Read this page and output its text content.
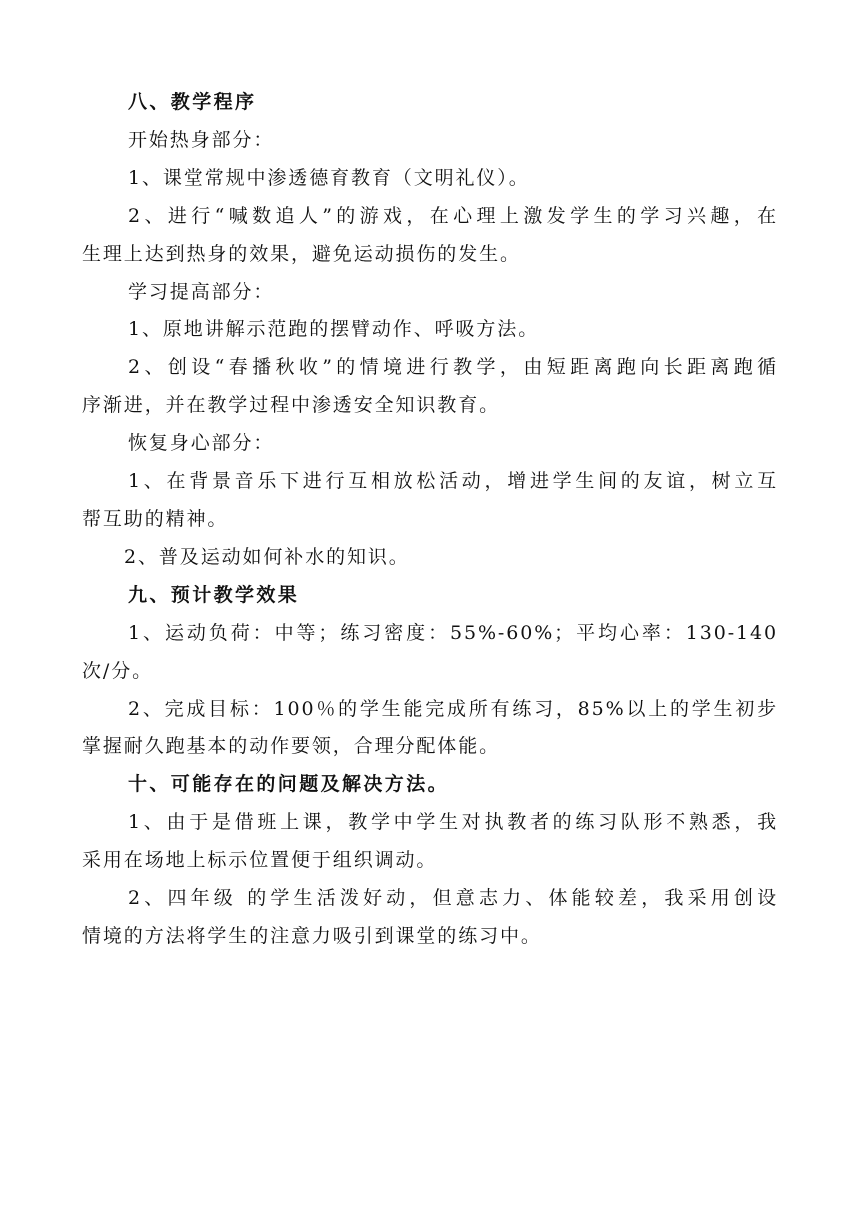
八、教学程序
开始热身部分：
1、课堂常规中渗透德育教育（文明礼仪）。
2、进行“喊数追人”的游戏，在心理上激发学生的学习兴趣，在
生理上达到热身的效果，避免运动损伤的发生。
学习提高部分：
1、原地讲解示范跑的摆臂动作、呼吸方法。
2、创设“春播秋收”的情境进行教学，由短距离跑向长距离跑循
序渐进，并在教学过程中渗透安全知识教育。
恢复身心部分：
1、在背景音乐下进行互相放松活动，增进学生间的友谊，树立互
帮互助的精神。
2、普及运动如何补水的知识。
九、预计教学效果
1、运动负荷：中等；练习密度：55%-60%；平均心率：130-140
次/分。
2、完成目标：100％的学生能完成所有练习，85%以上的学生初步
掌握耐久跑基本的动作要领，合理分配体能。
十、可能存在的问题及解决方法。
1、由于是借班上课，教学中学生对执教者的练习队形不熟悉，我
采用在场地上标示位置便于组织调动。
2、四年级 的学生活泼好动，但意志力、体能较差，我采用创设
情境的方法将学生的注意力吸引到课堂的练习中。
